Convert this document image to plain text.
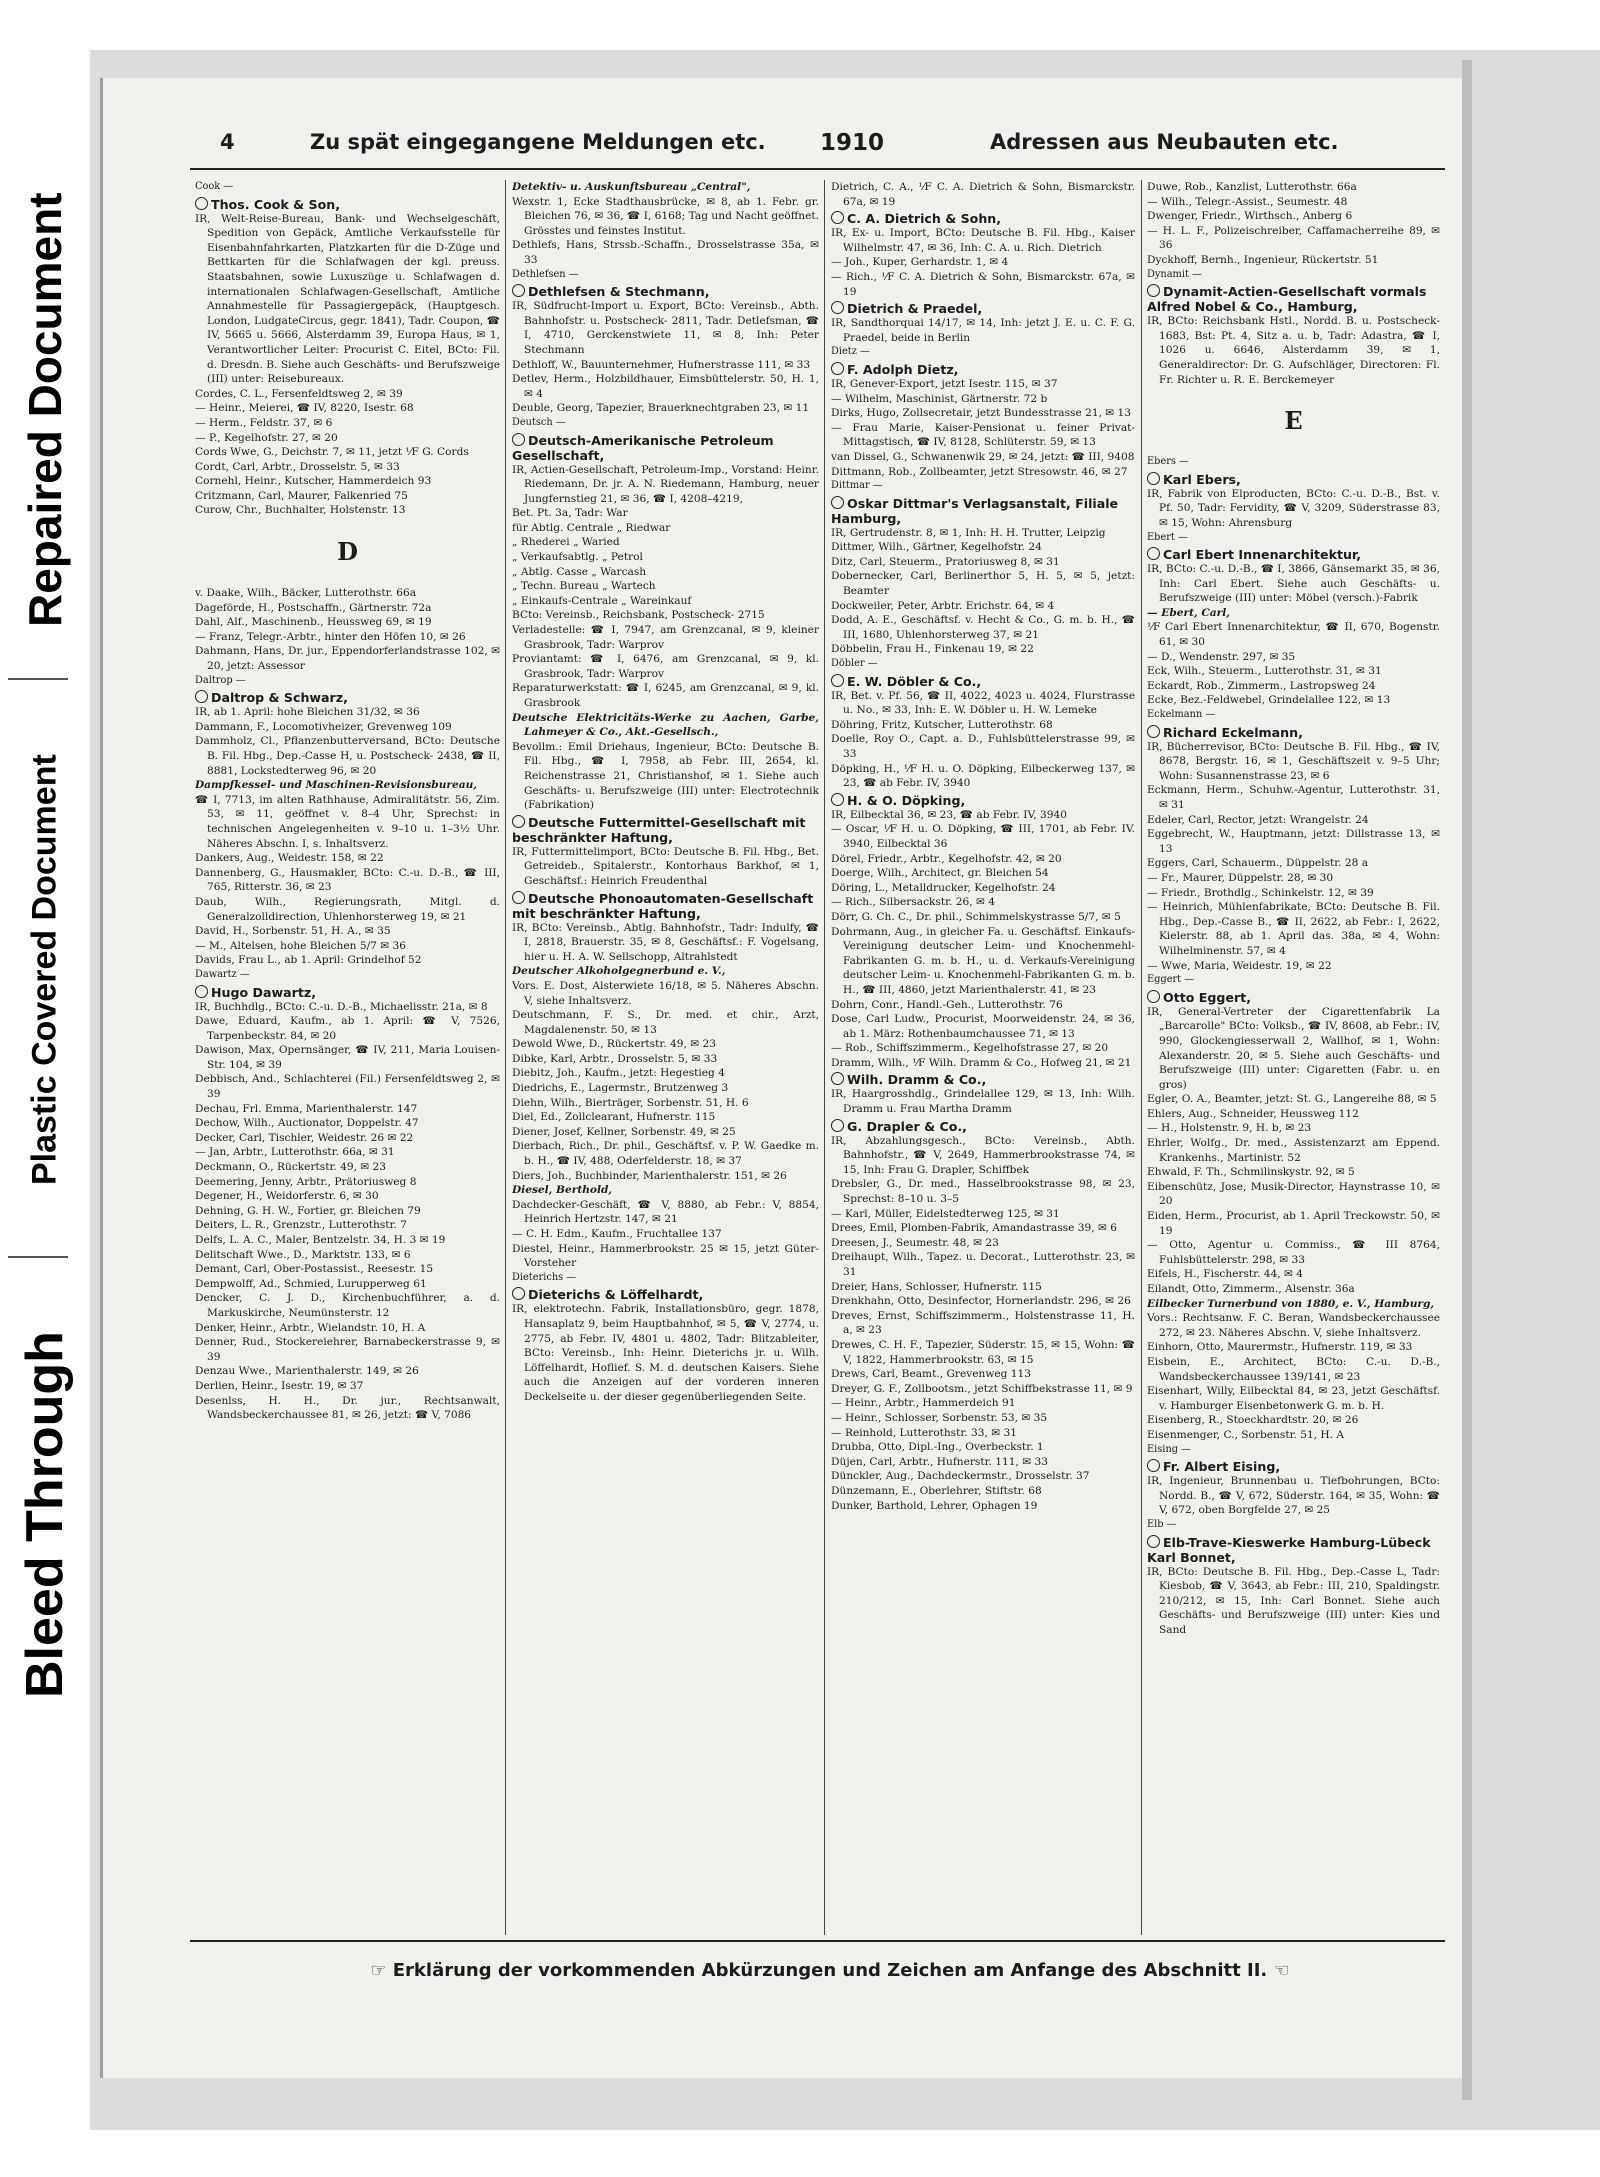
Repaired Document
Plastic Covered Document
Bleed Through
4	Zu spät eingegangene Meldungen etc. 1910	Adressen aus Neubauten etc.

Cook —

Thos. Cook & Son,

IR, Welt-Reise-Bureau, Bank- und Wechselgeschäft, Spedition von Gepäck, Amtliche Verkaufsstelle für Eisenbahnfahrkarten, Platzkarten für die D-Züge und Bettkarten für die Schlafwagen der kgl. preuss. Staatsbahnen, sowie Luxuszüge u. Schlafwagen d. internationalen Schlafwagen-Gesellschaft, Amtliche Annahmestelle für Passagiergepäck, (Hauptgesch. London, LudgateCircus, gegr. 1841), Tadr. Coupon, ☎ IV, 5665 u. 5666, Alsterdamm 39, Europa Haus, ✉ 1, Verantwortlicher Leiter: Procurist C. Eitel, BCto: Fil. d. Dresdn. B. Siehe auch Geschäfts- und Berufszweige (III) unter: Reisebureaux.

Cordes, C. L., Fersenfeldtsweg 2, ✉ 39

— Heinr., Meierei, ☎ IV, 8220, Isestr. 68

— Herm., Feldstr. 37, ✉ 6

— P., Kegelhofstr. 27, ✉ 20

Cords Wwe, G., Deichstr. 7, ✉ 11, jetzt ¹⁄F G. Cords

Cordt, Carl, Arbtr., Drosselstr. 5, ✉ 33

Cornehl, Heinr., Kutscher, Hammerdeich 93

Critzmann, Carl, Maurer, Falkenried 75

Curow, Chr., Buchhalter, Holstenstr. 13

D

v. Daake, Wilh., Bäcker, Lutterothstr. 66a

Dageförde, H., Postschaffn., Gärtnerstr. 72a

Dahl, Alf., Maschinenb., Heussweg 69, ✉ 19

— Franz, Telegr.-Arbtr., hinter den Höfen 10, ✉ 26

Dahmann, Hans, Dr. jur., Eppendorferlandstrasse 102, ✉ 20, jetzt: Assessor

Daltrop —

Daltrop & Schwarz,

IR, ab 1. April: hohe Bleichen 31/32, ✉ 36

Dammann, F., Locomotivheizer, Grevenweg 109

Dammholz, Cl., Pflanzenbutterversand, BCto: Deutsche B. Fil. Hbg., Dep.-Casse H, u. Postscheck- 2438, ☎ II, 8881, Lockstedterweg 96, ✉ 20

Dampfkessel- und Maschinen-Revisionsbureau,

☎ I, 7713, im alten Rathhause, Admiralitätstr. 56, Zim. 53, ✉ 11, geöffnet v. 8–4 Uhr, Sprechst: in technischen Angelegenheiten v. 9–10 u. 1–3½ Uhr. Näheres Abschn. I, s. Inhaltsverz.

Dankers, Aug., Weidestr. 158, ✉ 22

Dannenberg, G., Hausmakler, BCto: C.-u. D.-B., ☎ III, 765, Ritterstr. 36, ✉ 23

Daub, Wilh., Regierungsrath, Mitgl. d. Generalzolldirection, Uhlenhorsterweg 19, ✉ 21

David, H., Sorbenstr. 51, H. A., ✉ 35

— M., Altelsen, hohe Bleichen 5/7 ✉ 36

Davids, Frau L., ab 1. April: Grindelhof 52

Dawartz —

Hugo Dawartz,

IR, Buchhdlg., BCto: C.-u. D.-B., Michaelisstr. 21a, ✉ 8

Dawe, Eduard, Kaufm., ab 1. April: ☎ V, 7526, Tarpenbeckstr. 84, ✉ 20

Dawison, Max, Opernsänger, ☎ IV, 211, Maria Louisen-Str. 104, ✉ 39

Debbisch, And., Schlachterei (Fil.) Fersenfeldtsweg 2, ✉ 39

Dechau, Frl. Emma, Marienthalerstr. 147

Dechow, Wilh., Auctionator, Doppelstr. 47

Decker, Carl, Tischler, Weidestr. 26 ✉ 22

— Jan, Arbtr., Lutterothstr. 66a, ✉ 31

Deckmann, O., Rückertstr. 49, ✉ 23

Deemering, Jenny, Arbtr., Prätoriusweg 8

Degener, H., Weidorferstr. 6, ✉ 30

Dehning, G. H. W., Fortier, gr. Bleichen 79

Deiters, L. R., Grenzstr., Lutterothstr. 7

Delfs, L. A. C., Maler, Bentzelstr. 34, H. 3 ✉ 19

Delitschaft Wwe., D., Marktstr. 133, ✉ 6

Demant, Carl, Ober-Postassist., Reesestr. 15

Dempwolff, Ad., Schmied, Lurupperweg 61

Dencker, C. J. D., Kirchenbuchführer, a. d. Markuskirche, Neumünsterstr. 12

Denker, Heinr., Arbtr., Wielandstr. 10, H. A

Denner, Rud., Stockereiehrer, Barnabeckerstrasse 9, ✉ 39

Denzau Wwe., Marienthalerstr. 149, ✉ 26

Derlien, Heinr., Isestr. 19, ✉ 37

Desenlss, H. H., Dr. jur., Rechtsanwalt, Wandsbeckerchaussee 81, ✉ 26, jetzt: ☎ V, 7086

Detektiv- u. Auskunftsbureau „Central",

Wexstr. 1, Ecke Stadthausbrücke, ✉ 8, ab 1. Febr. gr. Bleichen 76, ✉ 36, ☎ I, 6168; Tag und Nacht geöffnet. Grösstes und feinstes Institut.

Dethlefs, Hans, Strssb.-Schaffn., Drosselstrasse 35a, ✉ 33

Dethlefsen —

Dethlefsen & Stechmann,

IR, Südfrucht-Import u. Export, BCto: Vereinsb., Abth. Bahnhofstr. u. Postscheck- 2811, Tadr. Detlefsman, ☎ I, 4710, Gerckenstwiete 11, ✉ 8, Inh: Peter Stechmann

Dethloff, W., Bauunternehmer, Hufnerstrasse 111, ✉ 33

Detlev, Herm., Holzbildhauer, Eimsbüttelerstr. 50, H. 1, ✉ 4

Deuble, Georg, Tapezier, Brauerknechtgraben 23, ✉ 11

Deutsch —

Deutsch-Amerikanische Petroleum Gesellschaft,

IR, Actien-Gesellschaft, Petroleum-Imp., Vorstand: Heinr. Riedemann, Dr. jr. A. N. Riedemann, Hamburg, neuer Jungfernstieg 21, ✉ 36, ☎ I, 4208–4219,

Bet. Pt. 3a, Tadr: War

für Abtlg. Centrale „ Riedwar

„ Rhederei „ Waried

„ Verkaufsabtlg. „ Petrol

„ Abtlg. Casse „ Warcash

„ Techn. Bureau „ Wartech

„ Einkaufs-Centrale „ Wareinkauf

BCto: Vereinsb., Reichsbank, Postscheck- 2715

Verladestelle: ☎ I, 7947, am Grenzcanal, ✉ 9, kleiner Grasbrook, Tadr: Warprov

Proviantamt: ☎ I, 6476, am Grenzcanal, ✉ 9, kl. Grasbrook, Tadr: Warprov

Reparaturwerkstatt: ☎ I, 6245, am Grenzcanal, ✉ 9, kl. Grasbrook

Deutsche Elektricitäts-Werke zu Aachen, Garbe, Lahmeyer & Co., Akt.-Gesellsch.,

Bevollm.: Emil Driehaus, Ingenieur, BCto: Deutsche B. Fil. Hbg., ☎ I, 7958, ab Febr. III, 2654, kl. Reichenstrasse 21, Christianshof, ✉ 1. Siehe auch Geschäfts- u. Berufszweige (III) unter: Electrotechnik (Fabrikation)

Deutsche Futtermittel-Gesellschaft mit beschränkter Haftung,

IR, Futtermittelimport, BCto: Deutsche B. Fil. Hbg., Bet. Getreideb., Spitalerstr., Kontorhaus Barkhof, ✉ 1, Geschäftsf.: Heinrich Freudenthal

Deutsche Phonoautomaten-Gesellschaft mit beschränkter Haftung,

IR, BCto: Vereinsb., Abtlg. Bahnhofstr., Tadr: Indulfy, ☎ I, 2818, Brauerstr. 35, ✉ 8, Geschäftsf.: F. Vogelsang, hier u. H. A. W. Sellschopp, Altrahlstedt

Deutscher Alkoholgegnerbund e. V.,

Vors. E. Dost, Alsterwiete 16/18, ✉ 5. Näheres Abschn. V, siehe Inhaltsverz.

Deutschmann, F. S., Dr. med. et chir., Arzt, Magdalenenstr. 50, ✉ 13

Dewold Wwe, D., Rückertstr. 49, ✉ 23

Dibke, Karl, Arbtr., Drosselstr. 5, ✉ 33

Diebitz, Joh., Kaufm., jetzt: Hegestieg 4

Diedrichs, E., Lagermstr., Brutzenweg 3

Diehn, Wilh., Bierträger, Sorbenstr. 51, H. 6

Diel, Ed., Zollclearant, Hufnerstr. 115

Diener, Josef, Kellner, Sorbenstr. 49, ✉ 25

Dierbach, Rich., Dr. phil., Geschäftsf. v. P. W. Gaedke m. b. H., ☎ IV, 488, Oderfelderstr. 18, ✉ 37

Diers, Joh., Buchbinder, Marienthalerstr. 151, ✉ 26

Diesel, Berthold,

Dachdecker-Geschäft, ☎ V, 8880, ab Febr.: V, 8854, Heinrich Hertzstr. 147, ✉ 21

— C. H. Edm., Kaufm., Fruchtallee 137

Diestel, Heinr., Hammerbrookstr. 25 ✉ 15, jetzt Güter-Vorsteher

Dieterichs —

Dieterichs & Löffelhardt,

IR, elektrotechn. Fabrik, Installationsbüro, gegr. 1878, Hansaplatz 9, beim Hauptbahnhof, ✉ 5, ☎ V, 2774, u. 2775, ab Febr. IV, 4801 u. 4802, Tadr: Blitzableiter, BCto: Vereinsb., Inh: Heinr. Dieterichs jr. u. Wilh. Löffelhardt, Hoflief. S. M. d. deutschen Kaisers. Siehe auch die Anzeigen auf der vorderen inneren Deckelseite u. der dieser gegenüberliegenden Seite.

Dietrich, C. A., ¹⁄F C. A. Dietrich & Sohn, Bismarckstr. 67a, ✉ 19

C. A. Dietrich & Sohn,

IR, Ex- u. Import, BCto: Deutsche B. Fil. Hbg., Kaiser Wilhelmstr. 47, ✉ 36, Inh: C. A. u. Rich. Dietrich

— Joh., Kuper, Gerhardstr. 1, ✉ 4

— Rich., ¹⁄F C. A. Dietrich & Sohn, Bismarckstr. 67a, ✉ 19

Dietrich & Praedel,

IR, Sandthorquai 14/17, ✉ 14, Inh: jetzt J. E. u. C. F. G. Praedel, beide in Berlin

Dietz —

F. Adolph Dietz,

IR, Genever-Export, jetzt Isestr. 115, ✉ 37

— Wilhelm, Maschinist, Gärtnerstr. 72 b

Dirks, Hugo, Zollsecretair, jetzt Bundesstrasse 21, ✉ 13

— Frau Marie, Kaiser-Pensionat u. feiner Privat-Mittagstisch, ☎ IV, 8128, Schlüterstr. 59, ✉ 13

van Dissel, G., Schwanenwik 29, ✉ 24, jetzt: ☎ III, 9408

Dittmann, Rob., Zollbeamter, jetzt Stresowstr. 46, ✉ 27

Dittmar —

Oskar Dittmar's Verlagsanstalt, Filiale Hamburg,

IR, Gertrudenstr. 8, ✉ 1, Inh: H. H. Trutter, Leipzig

Dittmer, Wilh., Gärtner, Kegelhofstr. 24

Ditz, Carl, Steuerm., Pratoriusweg 8, ✉ 31

Dobernecker, Carl, Berlinerthor 5, H. 5, ✉ 5, jetzt: Beamter

Dockweiler, Peter, Arbtr. Erichstr. 64, ✉ 4

Dodd, A. E., Geschäftsf. v. Hecht & Co., G. m. b. H., ☎ III, 1680, Uhlenhorsterweg 37, ✉ 21

Döbbelin, Frau H., Finkenau 19, ✉ 22

Döbler —

E. W. Döbler & Co.,

IR, Bet. v. Pf. 56, ☎ II, 4022, 4023 u. 4024, Flurstrasse u. No., ✉ 33, Inh: E. W. Döbler u. H. W. Lemeke

Döhring, Fritz, Kutscher, Lutterothstr. 68

Doelle, Roy O., Capt. a. D., Fuhlsbüttelerstrasse 99, ✉ 33

Döpking, H., ¹⁄F H. u. O. Döpking, Eilbeckerweg 137, ✉ 23, ☎ ab Febr. IV, 3940

H. & O. Döpking,

IR, Eilbecktal 36, ✉ 23, ☎ ab Febr. IV, 3940

— Oscar, ¹⁄F H. u. O. Döpking, ☎ III, 1701, ab Febr. IV. 3940, Eilbecktal 36

Dörel, Friedr., Arbtr., Kegelhofstr. 42, ✉ 20

Doerge, Wilh., Architect, gr. Bleichen 54

Döring, L., Metalldrucker, Kegelhofstr. 24

— Rich., Silbersackstr. 26, ✉ 4

Dörr, G. Ch. C., Dr. phil., Schimmelskystrasse 5/7, ✉ 5

Dohrmann, Aug., in gleicher Fa. u. Geschäftsf. Einkaufs-Vereinigung deutscher Leim- und Knochenmehl-Fabrikanten G. m. b. H., u. d. Verkaufs-Vereinigung deutscher Leim- u. Knochenmehl-Fabrikanten G. m. b. H., ☎ III, 4860, jetzt Marienthalerstr. 41, ✉ 23

Dohrn, Conr., Handl.-Geh., Lutterothstr. 76

Dose, Carl Ludw., Procurist, Moorweidenstr. 24, ✉ 36, ab 1. März: Rothenbaumchaussee 71, ✉ 13

— Rob., Schiffszimmerm., Kegelhofstrasse 27, ✉ 20

Dramm, Wilh., ¹⁄F Wilh. Dramm & Co., Hofweg 21, ✉ 21

Wilh. Dramm & Co.,

IR, Haargrosshdlg., Grindelallee 129, ✉ 13, Inh: Wilh. Dramm u. Frau Martha Dramm

G. Drapler & Co.,

IR, Abzahlungsgesch., BCto: Vereinsb., Abth. Bahnhofstr., ☎ V, 2649, Hammerbrookstrasse 74, ✉ 15, Inh: Frau G. Drapler, Schiffbek

Drebsler, G., Dr. med., Hasselbrookstrasse 98, ✉ 23, Sprechst: 8–10 u. 3–5

— Karl, Müller, Eidelstedterweg 125, ✉ 31

Drees, Emil, Plomben-Fabrik, Amandastrasse 39, ✉ 6

Dreesen, J., Seumestr. 48, ✉ 23

Dreihaupt, Wilh., Tapez. u. Decorat., Lutterothstr. 23, ✉ 31

Dreier, Hans, Schlosser, Hufnerstr. 115

Drenkhahn, Otto, Desinfector, Hornerlandstr. 296, ✉ 26

Dreves, Ernst, Schiffszimmerm., Holstenstrasse 11, H. a, ✉ 23

Drewes, C. H. F., Tapezier, Süderstr. 15, ✉ 15, Wohn: ☎ V, 1822, Hammerbrookstr. 63, ✉ 15

Drews, Carl, Beamt., Grevenweg 113

Dreyer, G. F., Zollbootsm., jetzt Schiffbekstrasse 11, ✉ 9

— Heinr., Arbtr., Hammerdeich 91

— Heinr., Schlosser, Sorbenstr. 53, ✉ 35

— Reinhold, Lutterothstr. 33, ✉ 31

Drubba, Otto, Dipl.-Ing., Overbeckstr. 1

Düjen, Carl, Arbtr., Hufnerstr. 111, ✉ 33

Dünckler, Aug., Dachdeckermstr., Drosselstr. 37

Dünzemann, E., Oberlehrer, Stiftstr. 68

Dunker, Barthold, Lehrer, Ophagen 19

Duwe, Rob., Kanzlist, Lutterothstr. 66a

— Wilh., Telegr.-Assist., Seumestr. 48

Dwenger, Friedr., Wirthsch., Anberg 6

— H. L. F., Polizeischreiber, Caffamacherreihe 89, ✉ 36

Dyckhoff, Bernh., Ingenieur, Rückertstr. 51

Dynamit —

Dynamit-Actien-Gesellschaft vormals Alfred Nobel & Co., Hamburg,

IR, BCto: Reichsbank Hstl., Nordd. B. u. Postscheck-1683, Bst: Pt. 4, Sitz a. u. b, Tadr: Adastra, ☎ I, 1026 u. 6646, Alsterdamm 39, ✉ 1, Generaldirector: Dr. G. Aufschläger, Directoren: Fl. Fr. Richter u. R. E. Berckemeyer

E

Ebers —

Karl Ebers,

IR, Fabrik von Elproducten, BCto: C.-u. D.-B., Bst. v. Pf. 50, Tadr: Fervidity, ☎ V, 3209, Süderstrasse 83, ✉ 15, Wohn: Ahrensburg

Ebert —

Carl Ebert Innenarchitektur,

IR, BCto: C.-u. D.-B., ☎ I, 3866, Gänsemarkt 35, ✉ 36, Inh: Carl Ebert. Siehe auch Geschäfts- u. Berufszweige (III) unter: Möbel (versch.)-Fabrik

— Ebert, Carl,

¹⁄F Carl Ebert Innenarchitektur, ☎ II, 670, Bogenstr. 61, ✉ 30

— D., Wendenstr. 297, ✉ 35

Eck, Wilh., Steuerm., Lutterothstr. 31, ✉ 31

Eckardt, Rob., Zimmerm., Lastropsweg 24

Ecke, Bez.-Feldwebel, Grindelallee 122, ✉ 13

Eckelmann —

Richard Eckelmann,

IR, Bücherrevisor, BCto: Deutsche B. Fil. Hbg., ☎ IV, 8678, Bergstr. 16, ✉ 1, Geschäftszeit v. 9–5 Uhr; Wohn: Susannenstrasse 23, ✉ 6

Eckmann, Herm., Schuhw.-Agentur, Lutterothstr. 31, ✉ 31

Edeler, Carl, Rector, jetzt: Wrangelstr. 24

Eggebrecht, W., Hauptmann, jetzt: Dillstrasse 13, ✉ 13

Eggers, Carl, Schauerm., Düppelstr. 28 a

— Fr., Maurer, Düppelstr. 28, ✉ 30

— Friedr., Brothdlg., Schinkelstr. 12, ✉ 39

— Heinrich, Mühlenfabrikate, BCto: Deutsche B. Fil. Hbg., Dep.-Casse B., ☎ II, 2622, ab Febr.: I, 2622, Kielerstr. 88, ab 1. April das. 38a, ✉ 4, Wohn: Wilhelminenstr. 57, ✉ 4

— Wwe, Maria, Weidestr. 19, ✉ 22

Eggert —

Otto Eggert,

IR, General-Vertreter der Cigarettenfabrik La „Barcarolle" BCto: Volksb., ☎ IV, 8608, ab Febr.: IV, 990, Glockengiesserwall 2, Wallhof, ✉ 1, Wohn: Alexanderstr. 20, ✉ 5. Siehe auch Geschäfts- und Berufszweige (III) unter: Cigaretten (Fabr. u. en gros)

Egler, O. A., Beamter, jetzt: St. G., Langereihe 88, ✉ 5

Ehlers, Aug., Schneider, Heussweg 112

— H., Holstenstr. 9, H. b, ✉ 23

Ehrler, Wolfg., Dr. med., Assistenzarzt am Eppend. Krankenhs., Martinistr. 52

Ehwald, F. Th., Schmilinskystr. 92, ✉ 5

Eibenschütz, Jose, Musik-Director, Haynstrasse 10, ✉ 20

Eiden, Herm., Procurist, ab 1. April Treckowstr. 50, ✉ 19

— Otto, Agentur u. Commiss., ☎ III 8764, Fuhlsbüttelerstr. 298, ✉ 33

Eifels, H., Fischerstr. 44, ✉ 4

Eilandt, Otto, Zimmerm., Alsenstr. 36a

Eilbecker Turnerbund von 1880, e. V., Hamburg,

Vors.: Rechtsanw. F. C. Beran, Wandsbeckerchaussee 272, ✉ 23. Näheres Abschn. V, siehe Inhaltsverz.

Einhorn, Otto, Maurermstr., Hufnerstr. 119, ✉ 33

Eisbein, E., Architect, BCto: C.-u. D.-B., Wandsbeckerchaussee 139/141, ✉ 23

Eisenhart, Willy, Eilbecktal 84, ✉ 23, jetzt Geschäftsf. v. Hamburger Eisenbetonwerk G. m. b. H.

Eisenberg, R., Stoeckhardtstr. 20, ✉ 26

Eisenmenger, C., Sorbenstr. 51, H. A

Eising —

Fr. Albert Eising,

IR, Ingenieur, Brunnenbau u. Tiefbohrungen, BCto: Nordd. B., ☎ V, 672, Süderstr. 164, ✉ 35, Wohn: ☎ V, 672, oben Borgfelde 27, ✉ 25

Elb —

Elb-Trave-Kieswerke Hamburg-Lübeck Karl Bonnet,

IR, BCto: Deutsche B. Fil. Hbg., Dep.-Casse L, Tadr: Kiesbob, ☎ V, 3643, ab Febr.: III, 210, Spaldingstr. 210/212, ✉ 15, Inh: Carl Bonnet. Siehe auch Geschäfts- und Berufszweige (III) unter: Kies und Sand

☞ Erklärung der vorkommenden Abkürzungen und Zeichen am Anfange des Abschnitt II. ☜
